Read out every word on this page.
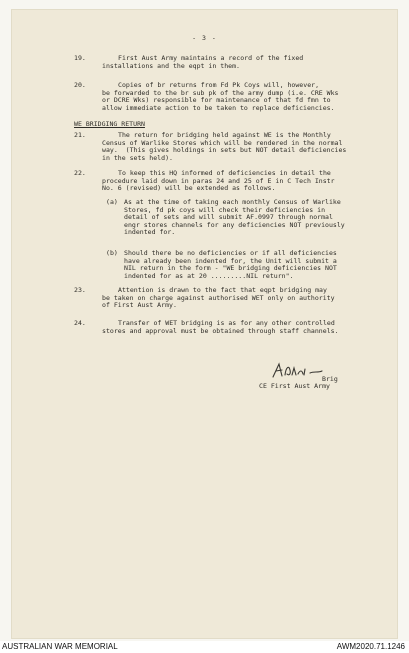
- 3 -
19.	First Aust Army maintains a record of the fixed
installations and the eqpt in them.
20.	Copies of br returns from Fd Pk Coys will, however,
be forwarded to the br sub pk of the army dump (i.e. CRE Wks
or DCRE Wks) responsible for maintenance of that fd fmn to
allow immediate action to be taken to replace deficiencies.
WE BRIDGING RETURN
21.	The return for bridging held against WE is the Monthly
Census of Warlike Stores which will be rendered in the normal
way.  (This gives holdings in sets but NOT detail deficiencies
in the sets held).
22.	To keep this HQ informed of deficiencies in detail the
procedure laid down in paras 24 and 25 of E in C Tech Instr
No. 6 (revised) will be extended as follows.
(a) As at the time of taking each monthly Census of Warlike
Stores, fd pk coys will check their deficiencies in
detail of sets and will submit AF.0997 through normal
engr stores channels for any deficiencies NOT previously
indented for.
(b) Should there be no deficiencies or if all deficiencies
have already been indented for, the Unit will submit a
NIL return in the form - "WE bridging deficiencies NOT
indented for as at 20 .........NIL return".
23.	Attention is drawn to the fact that eqpt bridging may
be taken on charge against authorised WET only on authority
of First Aust Army.
24.	Transfer of WET bridging is as for any other controlled
stores and approval must be obtained through staff channels.
Brig
CE First Aust Army
AUSTRALIAN WAR MEMORIAL	AWM2020.71.1246
